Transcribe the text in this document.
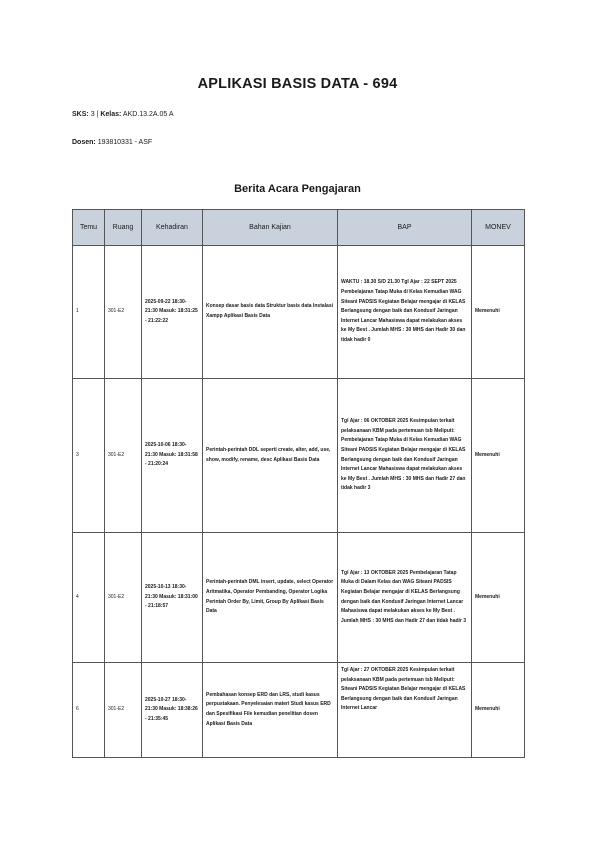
APLIKASI BASIS DATA - 694
SKS: 3 | Kelas: AKD.13.2A.05 A
Dosen: 193810331 - ASF
Berita Acara Pengajaran
Temu	Ruang	Kehadiran	Bahan Kajian	BAP	MONEV
1	301-E2	2025-09-22 18:30-21:30 Masuk: 18:31:25 - 21:22:22	Konsep dasar basis data Struktur basis data Instalasi Xampp Aplikasi Basis Data	WAKTU : 18.30 S/D 21.30 Tgl Ajar : 22 SEPT 2025 Pembelajaran Tatap Muka di Kelas Kemudian WAG Siteani PADSIS Kegiatan Belajar mengajar di KELAS Berlangsung dengan baik dan Kondusif Jaringan Internet Lancar Mahasiswa dapat melakukan akses ke My Best . Jumlah MHS : 30 MHS dan Hadir 30 dan tidak hadir 0	Memenuhi
3	301-E2	2025-10-06 18:30-21:30 Masuk: 18:31:58 - 21:20:24	Perintah-perintah DDL seperti create, alter, add, use, show, modify, rename, desc Aplikasi Basis Data	Tgl Ajar : 06 OKTOBER 2025 Kesimpulan terkait pelaksanaan KBM pada pertemuan tsb Meliputi: Pembelajaran Tatap Muka di Kelas Kemudian WAG Siteani PADSIS Kegiatan Belajar mengajar di KELAS Berlangsung dengan baik dan Kondusif Jaringan Internet Lancar Mahasiswa dapat melakukan akses ke My Best . Jumlah MHS : 30 MHS dan Hadir 27 dan tidak hadir 3	Memenuhi
4	301-E2	2025-10-13 18:30-21:30 Masuk: 18:31:00 - 21:18:57	Perintah-perintah DML insert, update, select Operator Aritmatika, Operator Pembanding, Operator Logika Perintah Order By, Limit, Group By Aplikasi Basis Data	Tgl Ajar : 13 OKTOBER 2025 Pembelajaran Tatap Muka di Dalam Kelas dan WAG Siteani PADSIS Kegiatan Belajar mengajar di KELAS Berlangsung dengan baik dan Kondusif Jaringan Internet Lancar Mahasiswa dapat melakukan akses ke My Best . Jumlah MHS : 30 MHS dan Hadir 27 dan tidak hadir 3	Memenuhi
6	301-E2	2025-10-27 18:30-21:30 Masuk: 18:38:26 - 21:35:45	Pembahasan konsep ERD dan LRS, studi kasus perpustakaan. Penyelesaian materi Studi kasus ERD dan Spesifikasi File kemudian penelitian dosen Aplikasi Basis Data	Tgl Ajar : 27 OKTOBER 2025 Kesimpulan terkait pelaksanaan KBM pada pertemuan tsb Meliputi: Siteani PADSIS Kegiatan Belajar mengajar di KELAS Berlangsung dengan baik dan Kondusif Jaringan Internet Lancar	Memenuhi
